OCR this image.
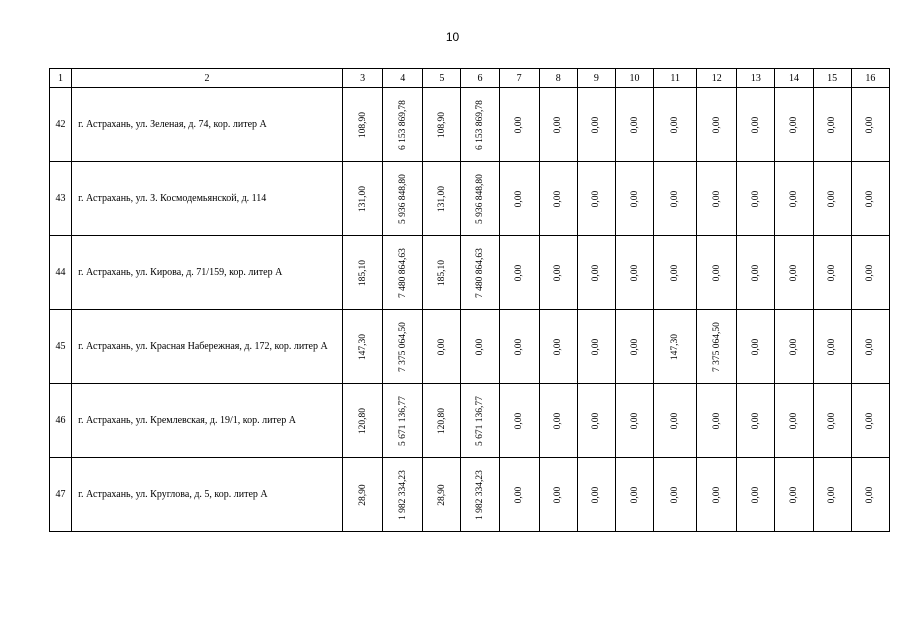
10
1	2	3	4	5	6	7	8	9	10	11	12	13	14	15	16
42	г. Астрахань, ул. Зеленая, д. 74, кор. литер А	108,90	6 153 869,78	108,90	6 153 869,78	0,00	0,00	0,00	0,00	0,00	0,00	0,00	0,00	0,00	0,00

43	г. Астрахань, ул. З. Космодемьянской, д. 114	131,00	5 936 848,80	131,00	5 936 848,80	0,00	0,00	0,00	0,00	0,00	0,00	0,00	0,00	0,00	0,00

44	г. Астрахань, ул. Кирова, д. 71/159, кор. литер А	185,10	7 480 864,63	185,10	7 480 864,63	0,00	0,00	0,00	0,00	0,00	0,00	0,00	0,00	0,00	0,00

45	г. Астрахань, ул. Красная Набережная, д. 172, кор. литер А	147,30	7 375 064,50	0,00	0,00	0,00	0,00	0,00	0,00	147,30	7 375 064,50	0,00	0,00	0,00	0,00

46	г. Астрахань, ул. Кремлевская, д. 19/1, кор. литер А	120,80	5 671 136,77	120,80	5 671 136,77	0,00	0,00	0,00	0,00	0,00	0,00	0,00	0,00	0,00	0,00

47	г. Астрахань, ул. Круглова, д. 5, кор. литер А	28,90	1 982 334,23	28,90	1 982 334,23	0,00	0,00	0,00	0,00	0,00	0,00	0,00	0,00	0,00	0,00
